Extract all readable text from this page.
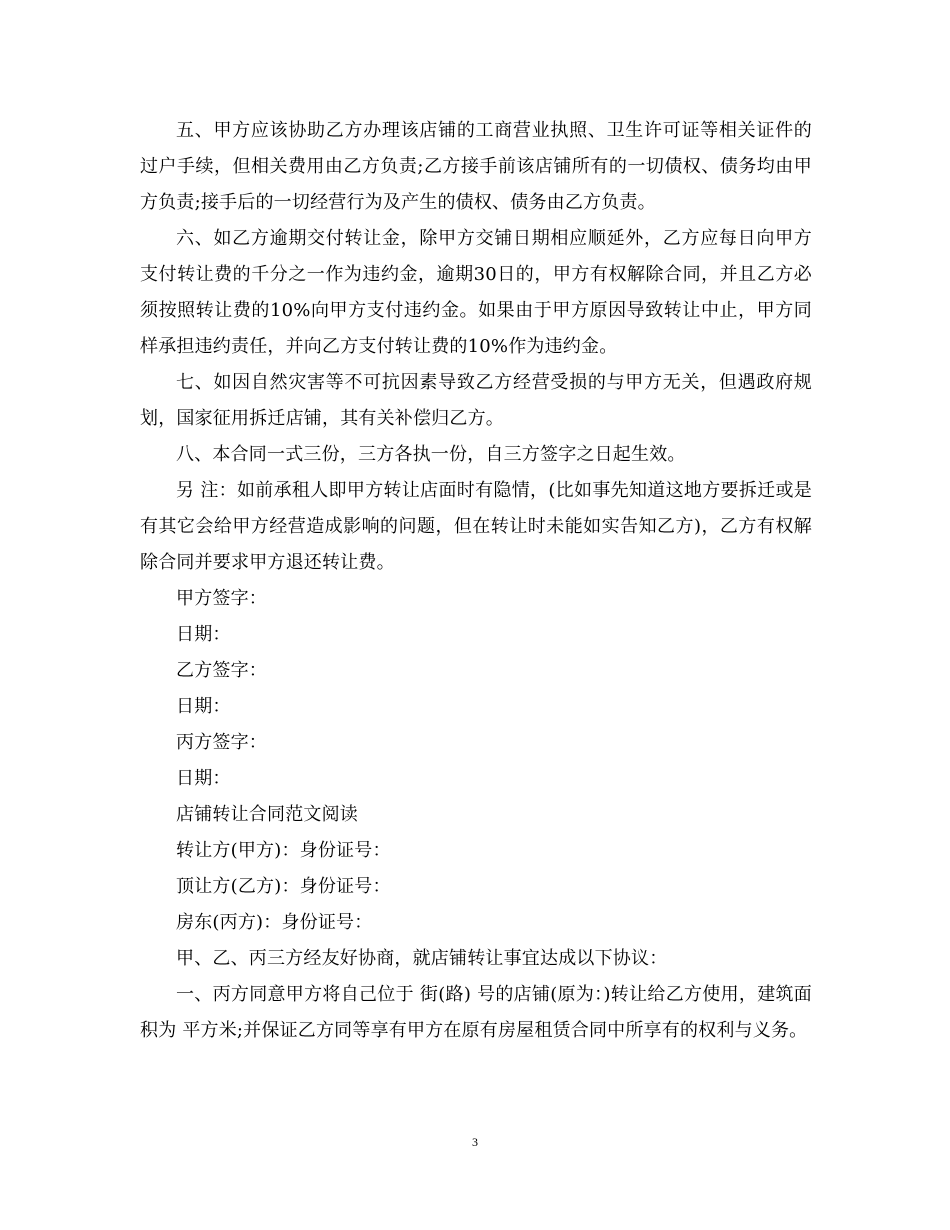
五、甲方应该协助乙方办理该店铺的工商营业执照、卫生许可证等相关证件的过户手续，但相关费用由乙方负责;乙方接手前该店铺所有的一切债权、债务均由甲方负责;接手后的一切经营行为及产生的债权、债务由乙方负责。

六、如乙方逾期交付转让金，除甲方交铺日期相应顺延外，乙方应每日向甲方支付转让费的千分之一作为违约金，逾期30日的，甲方有权解除合同，并且乙方必须按照转让费的10%向甲方支付违约金。如果由于甲方原因导致转让中止，甲方同样承担违约责任，并向乙方支付转让费的10%作为违约金。

七、如因自然灾害等不可抗因素导致乙方经营受损的与甲方无关，但遇政府规划，国家征用拆迁店铺，其有关补偿归乙方。

八、本合同一式三份，三方各执一份，自三方签字之日起生效。

另 注：如前承租人即甲方转让店面时有隐情，(比如事先知道这地方要拆迁或是有其它会给甲方经营造成影响的问题，但在转让时未能如实告知乙方)，乙方有权解除合同并要求甲方退还转让费。

甲方签字：

日期：

乙方签字：

日期：

丙方签字：

日期：

店铺转让合同范文阅读

转让方(甲方)：身份证号：

顶让方(乙方)：身份证号：

房东(丙方)：身份证号：

甲、乙、丙三方经友好协商，就店铺转让事宜达成以下协议：

一、丙方同意甲方将自己位于 街(路) 号的店铺(原为：)转让给乙方使用，建筑面积为 平方米;并保证乙方同等享有甲方在原有房屋租赁合同中所享有的权利与义务。

3
